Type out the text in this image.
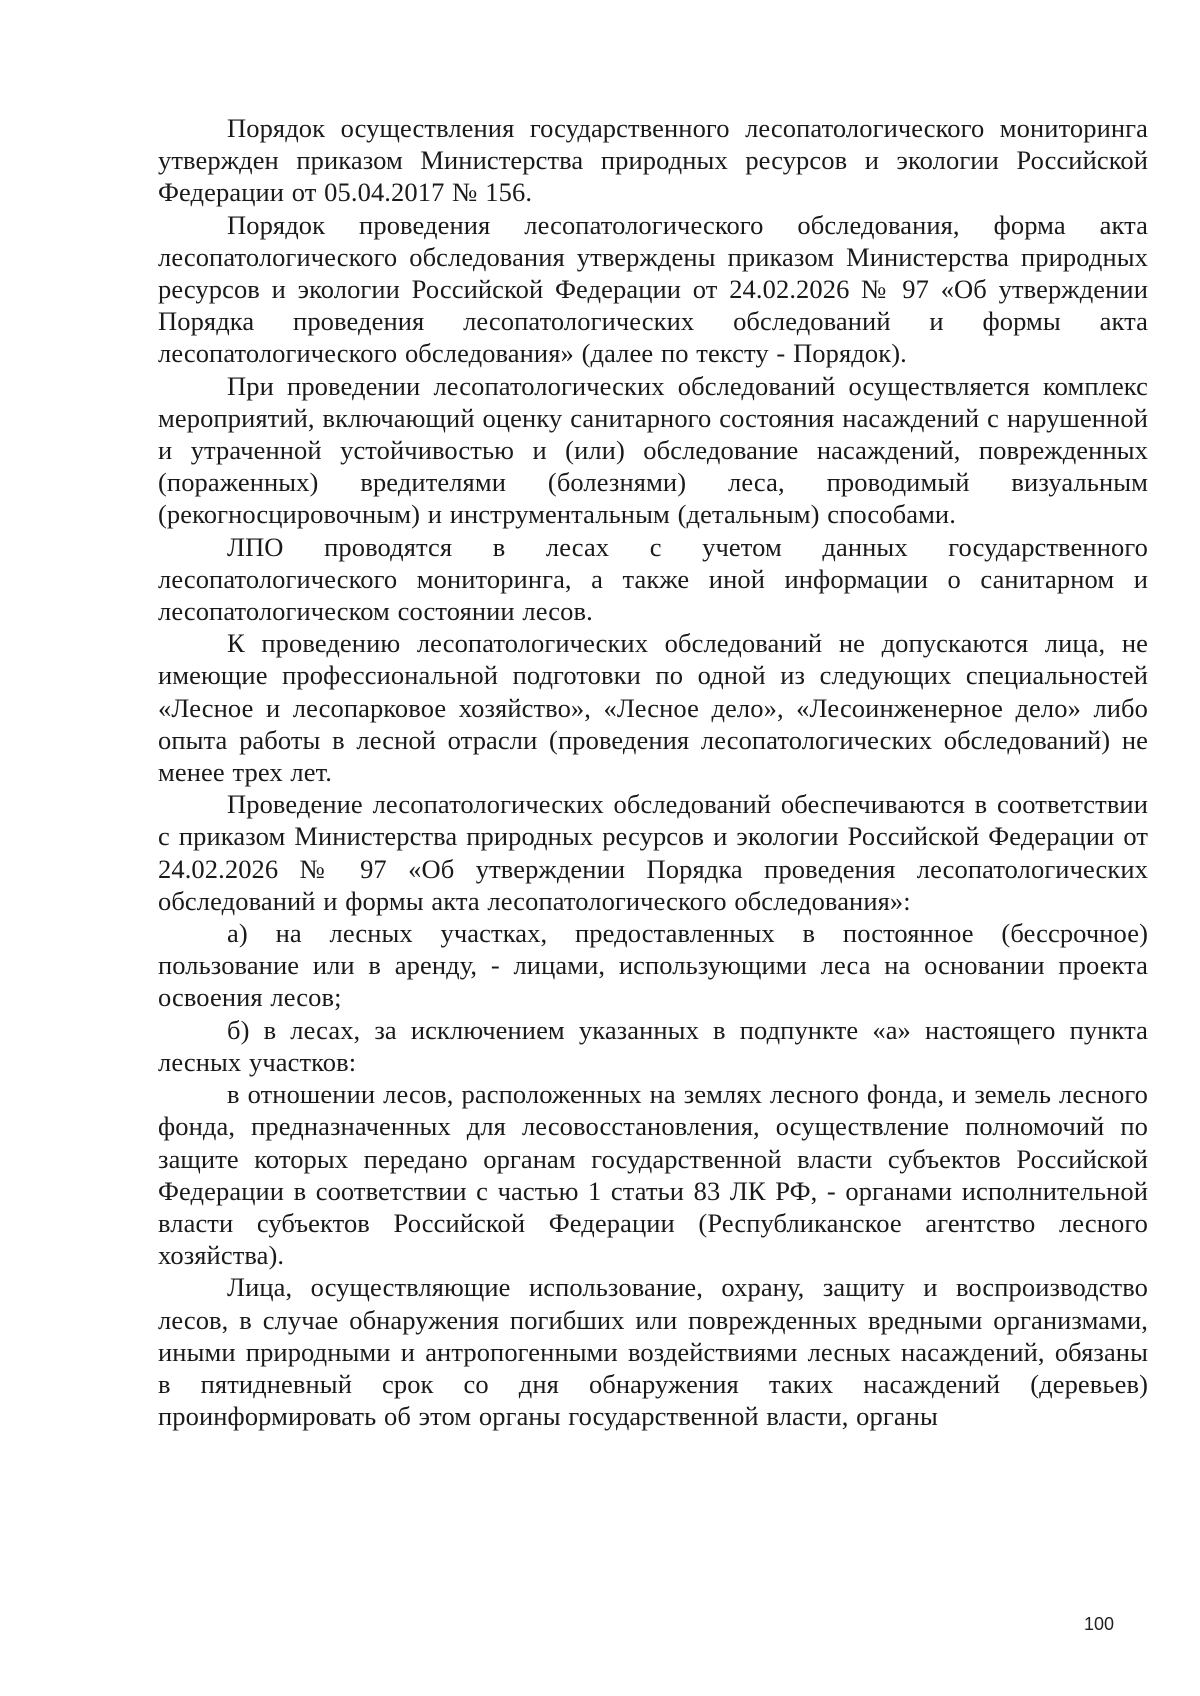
Порядок осуществления государственного лесопатологического мониторинга утвержден приказом Министерства природных ресурсов и экологии Российской Федерации от 05.04.2017 № 156.

Порядок проведения лесопатологического обследования, форма акта лесопатологического обследования утверждены приказом Министерства природных ресурсов и экологии Российской Федерации от 24.02.2026 № 97 «Об утверждении Порядка проведения лесопатологических обследований и формы акта лесопатологического обследования» (далее по тексту - Порядок).

При проведении лесопатологических обследований осуществляется комплекс мероприятий, включающий оценку санитарного состояния насаждений с нарушенной и утраченной устойчивостью и (или) обследование насаждений, поврежденных (пораженных) вредителями (болезнями) леса, проводимый визуальным (рекогносцировочным) и инструментальным (детальным) способами.

ЛПО проводятся в лесах с учетом данных государственного лесопатологического мониторинга, а также иной информации о санитарном и лесопатологическом состоянии лесов.

К проведению лесопатологических обследований не допускаются лица, не имеющие профессиональной подготовки по одной из следующих специальностей «Лесное и лесопарковое хозяйство», «Лесное дело», «Лесоинженерное дело» либо опыта работы в лесной отрасли (проведения лесопатологических обследований) не менее трех лет.

Проведение лесопатологических обследований обеспечиваются в соответствии с приказом Министерства природных ресурсов и экологии Российской Федерации от 24.02.2026 № 97 «Об утверждении Порядка проведения лесопатологических обследований и формы акта лесопатологического обследования»:

а) на лесных участках, предоставленных в постоянное (бессрочное) пользование или в аренду, - лицами, использующими леса на основании проекта освоения лесов;

б) в лесах, за исключением указанных в подпункте «а» настоящего пункта лесных участков:

в отношении лесов, расположенных на землях лесного фонда, и земель лесного фонда, предназначенных для лесовосстановления, осуществление полномочий по защите которых передано органам государственной власти субъектов Российской Федерации в соответствии с частью 1 статьи 83 ЛК РФ, - органами исполнительной власти субъектов Российской Федерации (Республиканское агентство лесного хозяйства).

Лица, осуществляющие использование, охрану, защиту и воспроизводство лесов, в случае обнаружения погибших или поврежденных вредными организмами, иными природными и антропогенными воздействиями лесных насаждений, обязаны в пятидневный срок со дня обнаружения таких насаждений (деревьев) проинформировать об этом органы государственной власти, органы

100
